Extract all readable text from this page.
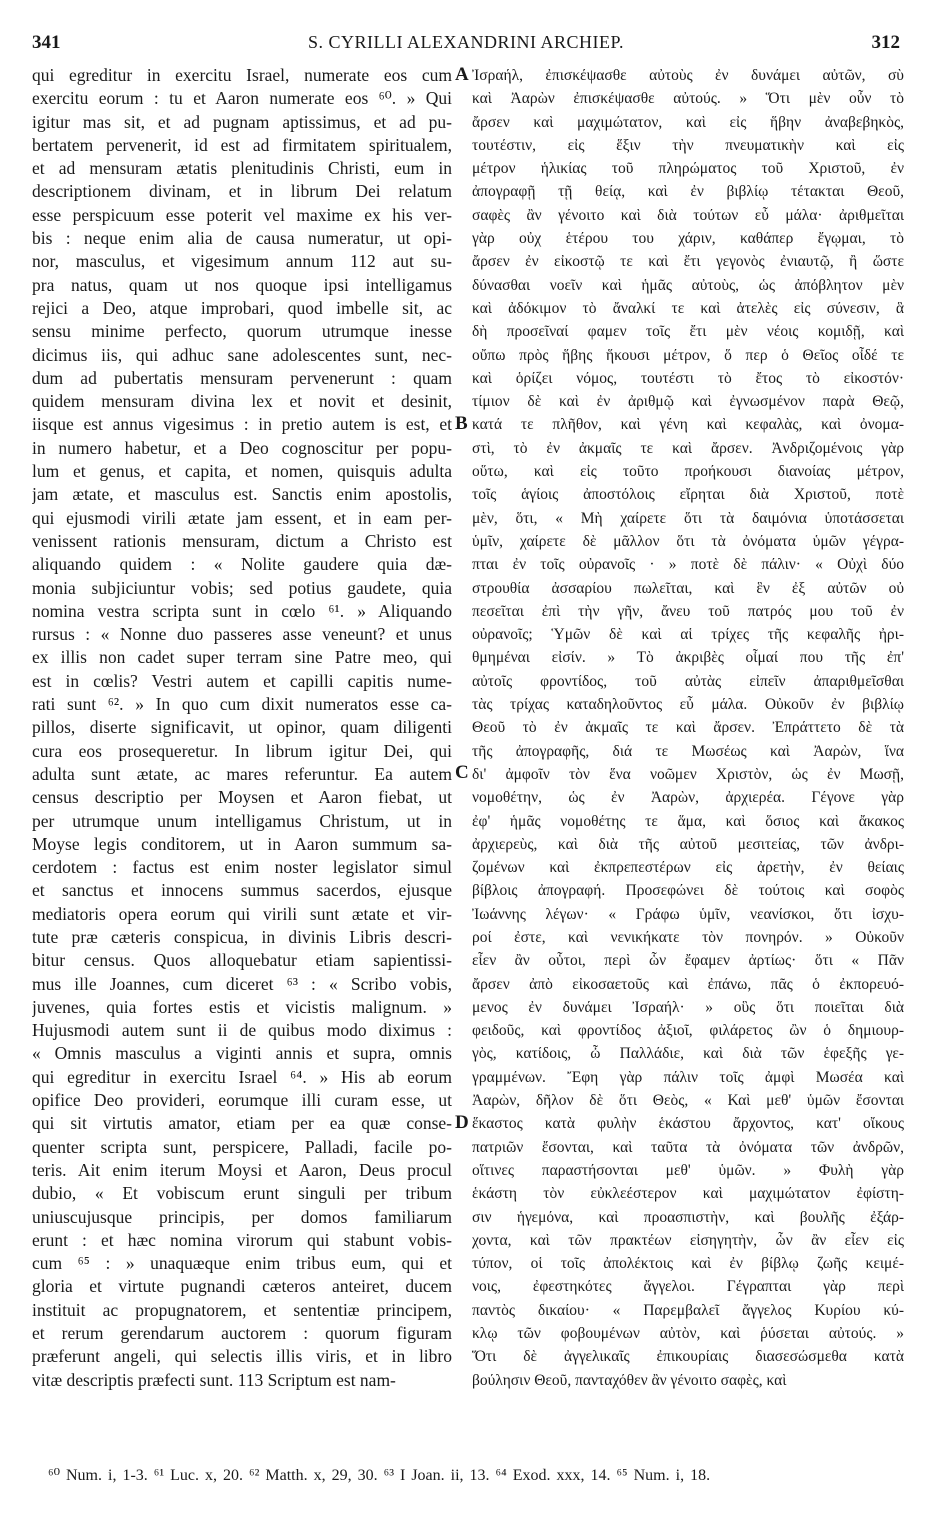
341	S. CYRILLI ALEXANDRINI ARCHIEP.	312
qui egreditur in exercitu Israel, numerate eos cum
exercitu eorum : tu et Aaron numerate eos ⁶⁰. » Qui
igitur mas sit, et ad pugnam aptissimus, et ad pu-
bertatem pervenerit, id est ad firmitatem spiritualem,
et ad mensuram ætatis plenitudinis Christi, eum in
descriptionem divinam, et in librum Dei relatum
esse perspicuum esse poterit vel maxime ex his ver-
bis : neque enim alia de causa numeratur, ut opi-
nor, masculus, et vigesimum annum 112 aut su-
pra natus, quam ut nos quoque ipsi intelligamus
rejici a Deo, atque improbari, quod imbelle sit, ac
sensu minime perfecto, quorum utrumque inesse
dicimus iis, qui adhuc sane adolescentes sunt, nec-
dum ad pubertatis mensuram pervenerunt : quam
quidem mensuram divina lex et novit et desinit,
iisque est annus vigesimus : in pretio autem is est, et
in numero habetur, et a Deo cognoscitur per popu-
lum et genus, et capita, et nomen, quisquis adulta
jam ætate, et masculus est. Sanctis enim apostolis,
qui ejusmodi virili ætate jam essent, et in eam per-
venissent rationis mensuram, dictum a Christo est
aliquando quidem : « Nolite gaudere quia dæ-
monia subjiciuntur vobis; sed potius gaudete, quia
nomina vestra scripta sunt in cœlo ⁶¹. » Aliquando
rursus : « Nonne duo passeres asse veneunt? et unus
ex illis non cadet super terram sine Patre meo, qui
est in cœlis? Vestri autem et capilli capitis nume-
rati sunt ⁶². » In quo cum dixit numeratos esse ca-
pillos, diserte significavit, ut opinor, quam diligenti
cura eos prosequeretur. In librum igitur Dei, qui
adulta sunt ætate, ac mares referuntur. Ea autem
census descriptio per Moysen et Aaron fiebat, ut
per utrumque unum intelligamus Christum, ut in
Moyse legis conditorem, ut in Aaron summum sa-
cerdotem : factus est enim noster legislator simul
et sanctus et innocens summus sacerdos, ejusque
mediatoris opera eorum qui virili sunt ætate et vir-
tute præ cæteris conspicua, in divinis Libris descri-
bitur census. Quos alloquebatur etiam sapientissi-
mus ille Joannes, cum diceret ⁶³ : « Scribo vobis,
juvenes, quia fortes estis et vicistis malignum. »
Hujusmodi autem sunt ii de quibus modo diximus :
« Omnis masculus a viginti annis et supra, omnis
qui egreditur in exercitu Israel ⁶⁴. » His ab eorum
opifice Deo provideri, eorumque illi curam esse, ut
qui sit virtutis amator, etiam per ea quæ conse-
quenter scripta sunt, perspicere, Palladi, facile po-
teris. Ait enim iterum Moysi et Aaron, Deus procul
dubio, « Et vobiscum erunt singuli per tribum
uniuscujusque principis, per domos familiarum
erunt : et hæc nomina virorum qui stabunt vobis-
cum ⁶⁵ : » unaquæque enim tribus eum, qui et
gloria et virtute pugnandi cæteros anteiret, ducem
instituit ac propugnatorem, et sententiæ principem,
et rerum gerendarum auctorem : quorum figuram
præferunt angeli, qui selectis illis viris, et in libro
vitæ descriptis præfecti sunt. 113 Scriptum est nam-
Ἰσραήλ, ἐπισκέψασθε αὐτοὺς ἐν δυνάμει αὐτῶν, σὺ
καὶ Ἀαρὼν ἐπισκέψασθε αὐτούς. » Ὅτι μὲν οὖν τὸ
ἄρσεν καὶ μαχιμώτατον, καὶ εἰς ἥβην ἀναβεβηκὸς,
τουτέστιν, εἰς ἕξιν τὴν πνευματικὴν καὶ εἰς
μέτρον ἡλικίας τοῦ πληρώματος τοῦ Χριστοῦ, ἐν
ἀπογραφῇ τῇ θείᾳ, καὶ ἐν βιβλίῳ τέτακται Θεοῦ,
σαφὲς ἂν γένοιτο καὶ διὰ τούτων εὖ μάλα· ἀριθμεῖται
γὰρ οὐχ ἑτέρου του χάριν, καθάπερ ἔγῳμαι, τὸ
ἄρσεν ἐν εἰκοστῷ τε καὶ ἔτι γεγονὸς ἐνιαυτῷ, ἢ ὥστε
δύνασθαι νοεῖν καὶ ἡμᾶς αὐτοὺς, ὡς ἀπόβλητον μὲν
καὶ ἀδόκιμον τὸ ἄναλκί τε καὶ ἀτελὲς εἰς σύνεσιν, ἃ
δὴ προσεῖναί φαμεν τοῖς ἔτι μὲν νέοις κομιδῇ, καὶ
οὔπω πρὸς ἥβης ἥκουσι μέτρον, ὅ περ ὁ Θεῖος οἶδέ τε
καὶ ὁρίζει νόμος, τουτέστι τὸ ἔτος τὸ εἰκοστόν·
τίμιον δὲ καὶ ἐν ἀριθμῷ καὶ ἐγνωσμένον παρὰ Θεῷ,
κατά τε πλῆθον, καὶ γένη καὶ κεφαλὰς, καὶ ὀνομα-
στὶ, τὸ ἐν ἀκμαῖς τε καὶ ἄρσεν. Ἀνδριζομένοις γὰρ
οὕτω, καὶ εἰς τοῦτο προήκουσι διανοίας μέτρον,
τοῖς ἁγίοις ἀποστόλοις εἴρηται διὰ Χριστοῦ, ποτὲ
μὲν, ὅτι, « Μὴ χαίρετε ὅτι τὰ δαιμόνια ὑποτάσσεται
ὑμῖν, χαίρετε δὲ μᾶλλον ὅτι τὰ ὀνόματα ὑμῶν γέγρα-
πται ἐν τοῖς οὐρανοῖς · » ποτὲ δὲ πάλιν· « Οὐχὶ δύο
στρουθία ἀσσαρίου πωλεῖται, καὶ ἓν ἐξ αὐτῶν οὐ
πεσεῖται ἐπὶ τὴν γῆν, ἄνευ τοῦ πατρός μου τοῦ ἐν
οὐρανοῖς; Ὑμῶν δὲ καὶ αἱ τρίχες τῆς κεφαλῆς ἠρι-
θμημέναι εἰσίν. » Τὸ ἀκριβὲς οἶμαί που τῆς ἐπ'
αὐτοῖς φροντίδος, τοῦ αὐτὰς εἰπεῖν ἀπαριθμεῖσθαι
τὰς τρίχας καταδηλοῦντος εὖ μάλα. Οὐκοῦν ἐν βιβλίῳ
Θεοῦ τὸ ἐν ἀκμαῖς τε καὶ ἄρσεν. Ἐπράττετο δὲ τὰ
τῆς ἀπογραφῆς, διά τε Μωσέως καὶ Ἀαρὼν, ἵνα
δι' ἀμφοῖν τὸν ἕνα νοῶμεν Χριστὸν, ὡς ἐν Μωσῇ,
νομοθέτην, ὡς ἐν Ἀαρὼν, ἀρχιερέα. Γέγονε γὰρ
ἐφ' ἡμᾶς νομοθέτης τε ἅμα, καὶ ὅσιος καὶ ἄκακος
ἀρχιερεὺς, καὶ διὰ τῆς αὐτοῦ μεσιτείας, τῶν ἀνδρι-
ζομένων καὶ ἐκπρεπεστέρων εἰς ἀρετὴν, ἐν θείαις
βίβλοις ἀπογραφή. Προσεφώνει δὲ τούτοις καὶ σοφὸς
Ἰωάννης λέγων· « Γράφω ὑμῖν, νεανίσκοι, ὅτι ἰσχυ-
ροί ἐστε, καὶ νενικήκατε τὸν πονηρόν. » Οὐκοῦν
εἶεν ἂν οὗτοι, περὶ ὧν ἔφαμεν ἀρτίως· ὅτι « Πᾶν
ἄρσεν ἀπὸ εἰκοσαετοῦς καὶ ἐπάνω, πᾶς ὁ ἐκπορευό-
μενος ἐν δυνάμει Ἰσραήλ· » οὓς ὅτι ποιεῖται διὰ
φειδοῦς, καὶ φροντίδος ἀξιοῖ, φιλάρετος ὢν ὁ δημιουρ-
γὸς, κατίδοις, ὦ Παλλάδιε, καὶ διὰ τῶν ἑφεξῆς γε-
γραμμένων. Ἔφη γὰρ πάλιν τοῖς ἀμφὶ Μωσέα καὶ
Ἀαρὼν, δῆλον δὲ ὅτι Θεὸς, « Καὶ μεθ' ὑμῶν ἔσονται
ἕκαστος κατὰ φυλὴν ἑκάστου ἄρχοντος, κατ' οἴκους
πατριῶν ἔσονται, καὶ ταῦτα τὰ ὀνόματα τῶν ἀνδρῶν,
οἵτινες παραστήσονται μεθ' ὑμῶν. » Φυλὴ γὰρ
ἑκάστη τὸν εὐκλεέστερον καὶ μαχιμώτατον ἐφίστη-
σιν ἡγεμόνα, καὶ προασπιστὴν, καὶ βουλῆς ἐξάρ-
χοντα, καὶ τῶν πρακτέων εἰσηγητὴν, ὧν ἂν εἶεν εἰς
τύπον, οἱ τοῖς ἀπολέκτοις καὶ ἐν βίβλῳ ζωῆς κειμέ-
νοις, ἐφεστηκότες ἄγγελοι. Γέγραπται γὰρ περὶ
παντὸς δικαίου· « Παρεμβαλεῖ ἄγγελος Κυρίου κύ-
κλῳ τῶν φοβουμένων αὐτὸν, καὶ ῥύσεται αὐτούς. »
Ὅτι δὲ ἀγγελικαῖς ἐπικουρίαις διασεσώσμεθα κατὰ
βούλησιν Θεοῦ, πανταχόθεν ἂν γένοιτο σαφὲς, καὶ
A
B
C
D
⁶⁰ Num. i, 1-3. ⁶¹ Luc. x, 20. ⁶² Matth. x, 29, 30. ⁶³ I Joan. ii, 13. ⁶⁴ Exod. xxx, 14. ⁶⁵ Num. i, 18.
